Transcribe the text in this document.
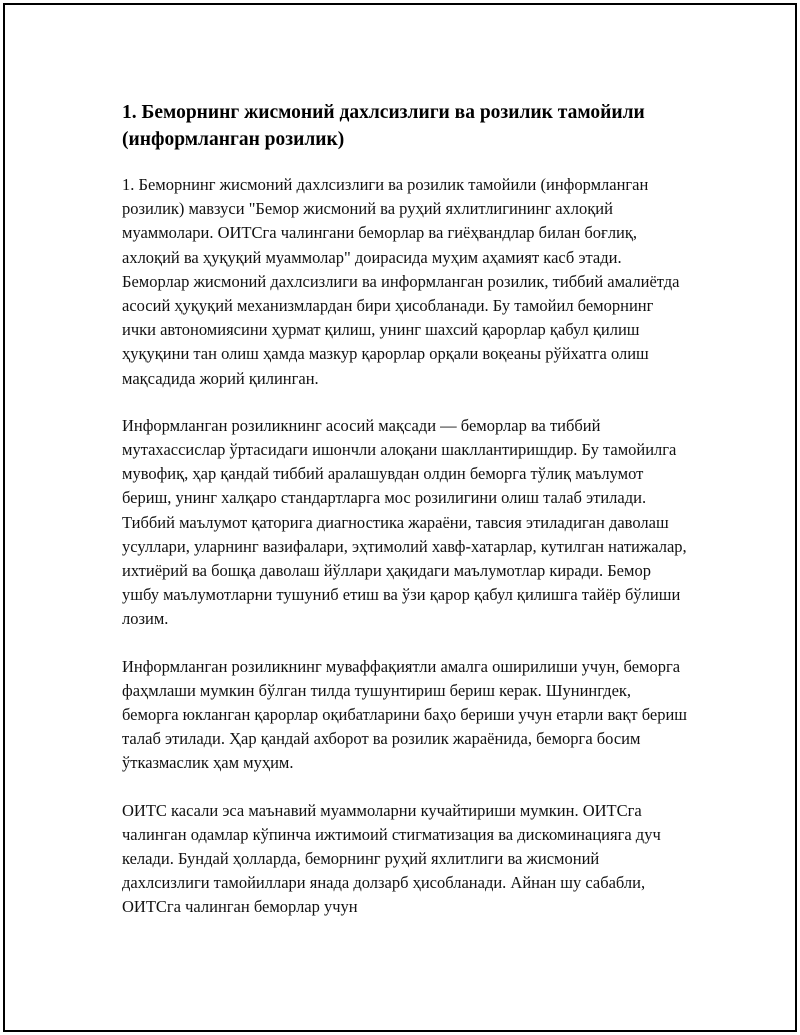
1. Беморнинг жисмоний дахлсизлиги ва розилик тамойили (информланган розилик)

1. Беморнинг жисмоний дахлсизлиги ва розилик тамойили (информланган розилик) мавзуси "Бемор жисмоний ва руҳий яхлитлигининг ахлоқий муаммолари. ОИТСга чалингани беморлар ва гиёҳвандлар билан боғлиқ, ахлоқий ва ҳуқуқий муаммолар" доирасида муҳим аҳамият касб этади. Беморлар жисмоний дахлсизлиги ва информланган розилик, тиббий амалиётда асосий ҳуқуқий механизмлардан бири ҳисобланади. Бу тамойил беморнинг ички автономиясини ҳурмат қилиш, унинг шахсий қарорлар қабул қилиш ҳуқуқини тан олиш ҳамда мазкур қарорлар орқали воқеаны рўйхатга олиш мақсадида жорий қилинган.

Информланган розиликнинг асосий мақсади — беморлар ва тиббий мутахассислар ўртасидаги ишончли алоқани шакллантиришдир. Бу тамойилга мувофиқ, ҳар қандай тиббий аралашувдан олдин беморга тўлиқ маълумот бериш, унинг халқаро стандартларга мос розилигини олиш талаб этилади. Тиббий маълумот қаторига диагностика жараёни, тавсия этиладиган даволаш усуллари, уларнинг вазифалари, эҳтимолий хавф-хатарлар, кутилган натижалар, ихтиёрий ва бошқа даволаш йўллари ҳақидаги маълумотлар киради. Бемор ушбу маълумотларни тушуниб етиш ва ўзи қарор қабул қилишга тайёр бўлиши лозим.

Информланган розиликнинг муваффақиятли амалга оширилиши учун, беморга фаҳмлаши мумкин бўлган тилда тушунтириш бериш керак. Шунингдек, беморга юкланган қарорлар оқибатларини баҳо бериши учун етарли вақт бериш талаб этилади. Ҳар қандай ахборот ва розилик жараёнида, беморга босим ўтказмаслик ҳам муҳим.

ОИТС касали эса маънавий муаммоларни кучайтириши мумкин. ОИТСга чалинган одамлар кўпинча ижтимоий стигматизация ва дискоминацияга дуч келади. Бундай ҳолларда, беморнинг руҳий яхлитлиги ва жисмоний дахлсизлиги тамойиллари янада долзарб ҳисобланади. Айнан шу сабабли, ОИТСга чалинган беморлар учун
